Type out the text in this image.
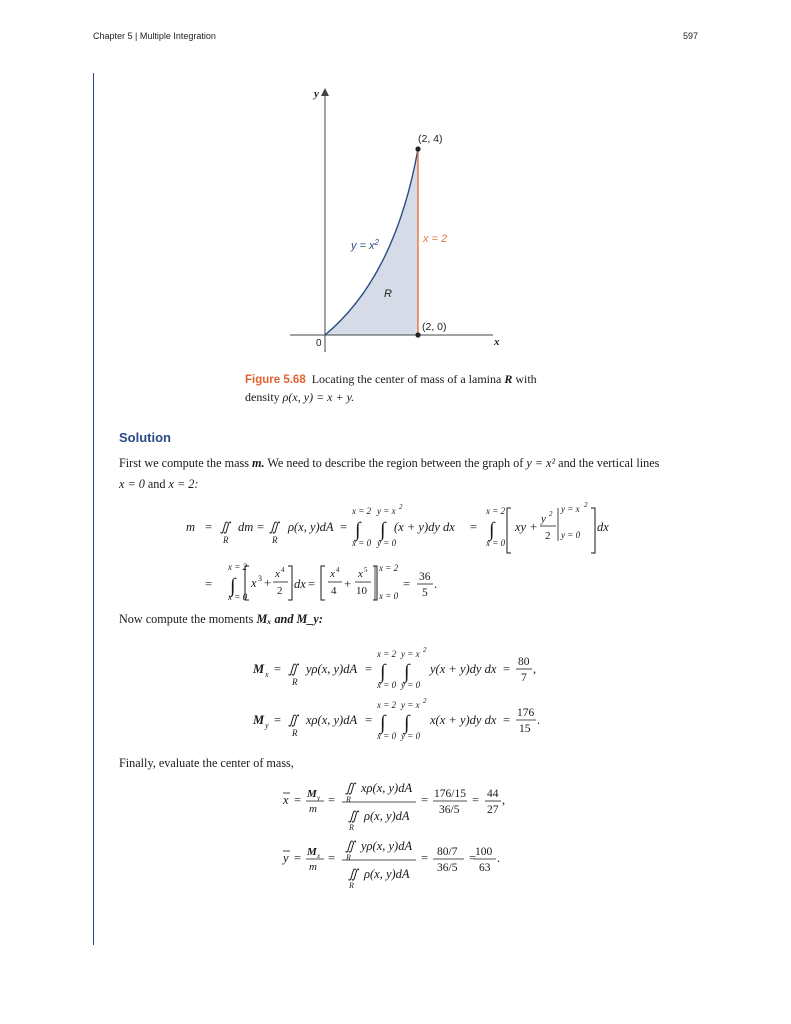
Chapter 5 | Multiple Integration	597
y
x
0
(2, 4)
(2, 0)
$y = x^2$	x = 2
R
Figure 5.68 Locating the center of mass of a lamina R with
density ρ(x, y) = x + y.
Solution
First we compute the mass m. We need to describe the region between the graph of y = x² and the vertical lines
x = 0 and x = 2:
m = ∬
R
dm = ∬
R
ρ(x, y)dA =
x = 2 y = x 2
∫ ∫
x = 0 y = 0
(x + y)dy dx =
x = 2
∫
x = 0
xy +
y 2
2
y = x 2
y = 0
dx
=
x = 2
∫
x = 0
x 3 +
x 4
2 dx =
x 4
4 +
x 5
10
x = 2
x = 0
= 36
5
.
M x = ∬
R
yρ(x, y)dA =
x = 2 y = x 2
∫ ∫
x = 0 y = 0
y(x + y)dy dx = 80
7
,
M y = ∬
R
xρ(x, y)dA =
x = 2 y = x 2
∫ ∫
x = 0 y = 0
x(x + y)dy dx = 176
15
.
x = M y
m
=
∬
R
xρ(x, y)dA
∬
R
ρ(x, y)dA
= 176/15
36/5
= 44
27
,
y = M x
m
=
∬
R
yρ(x, y)dA
∬
R
ρ(x, y)dA
= 80/7
36/5
=
100
63
.
Now compute the moments Mₓ and M_y:
Finally, evaluate the center of mass,
